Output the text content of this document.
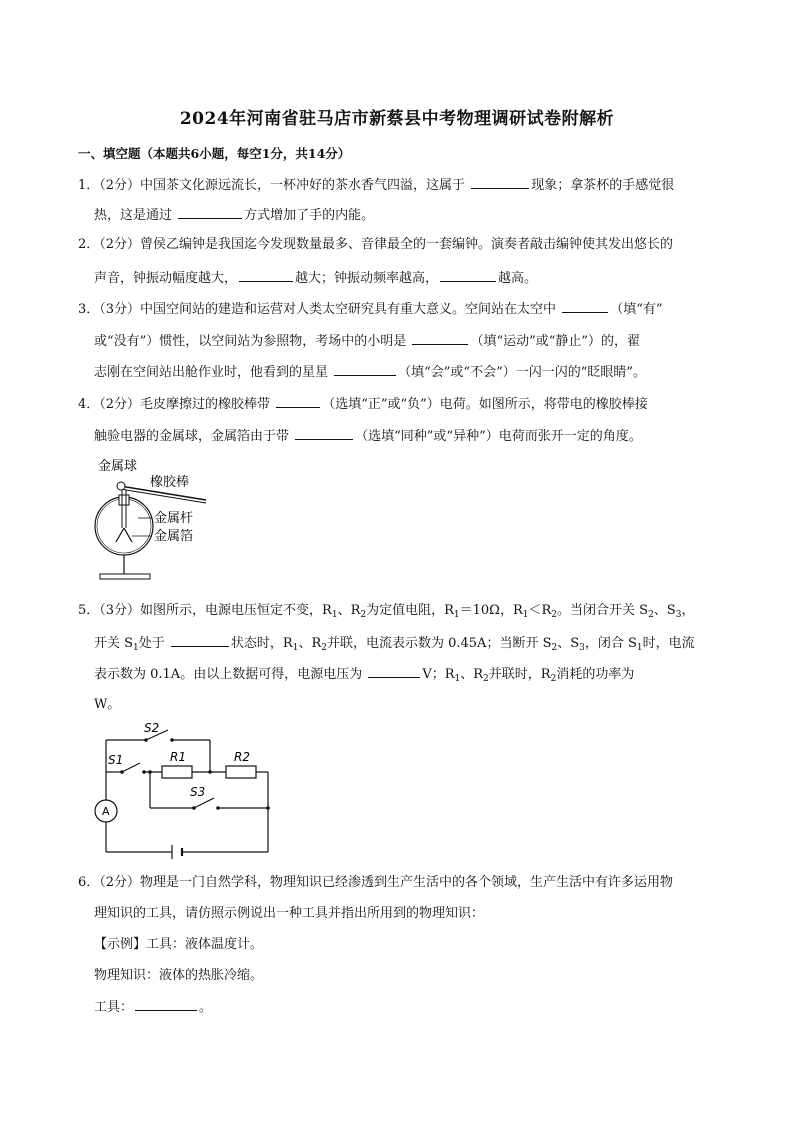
2024年河南省驻马店市新蔡县中考物理调研试卷附解析
一、填空题（本题共6小题，每空1分，共14分）
1．（2分）中国茶文化源远流长，一杯冲好的茶水香气四溢，这属于	现象；拿茶杯的手感觉很
热，这是通过	方式增加了手的内能。
2．（2分）曾侯乙编钟是我国迄今发现数量最多、音律最全的一套编钟。演奏者敲击编钟使其发出悠长的
声音，钟振动幅度越大，	越大；钟振动频率越高，	越高。
3．（3分）中国空间站的建造和运营对人类太空研究具有重大意义。空间站在太空中	（填“有”
或“没有”）惯性，以空间站为参照物，考场中的小明是	（填“运动”或“静止”）的，翟
志刚在空间站出舱作业时，他看到的星星	（填“会”或“不会”）一闪一闪的“眨眼睛”。
4．（2分）毛皮摩擦过的橡胶棒带	（选填“正”或“负”）电荷。如图所示，将带电的橡胶棒接
触验电器的金属球，金属箔由于带	（选填“同种”或“异种”）电荷而张开一定的角度。
金属球
橡胶棒
金属杆
金属箔
5．（3分）如图所示，电源电压恒定不变，$R_1$、$R_2$为定值电阻，$R_1=10\Omega$，$R_1<R_2$。当闭合开关 $S_2$、$S_3$，
开关 $S_1$处于	状态时，$R_1$、$R_2$并联，电流表示数为 0.45A；当断开 $S_2$、$S_3$，闭合 $S_1$时，电流
表示数为 0.1A。由以上数据可得，电源电压为	V；$R_1$、$R_2$并联时，$R_2$消耗的功率为
W。
S2
S1	R1	R2
S3
A
6．（2分）物理是一门自然学科，物理知识已经渗透到生产生活中的各个领域，生产生活中有许多运用物
理知识的工具，请仿照示例说出一种工具并指出所用到的物理知识：
【示例】工具：液体温度计。
物理知识：液体的热胀冷缩。
工具：	。
